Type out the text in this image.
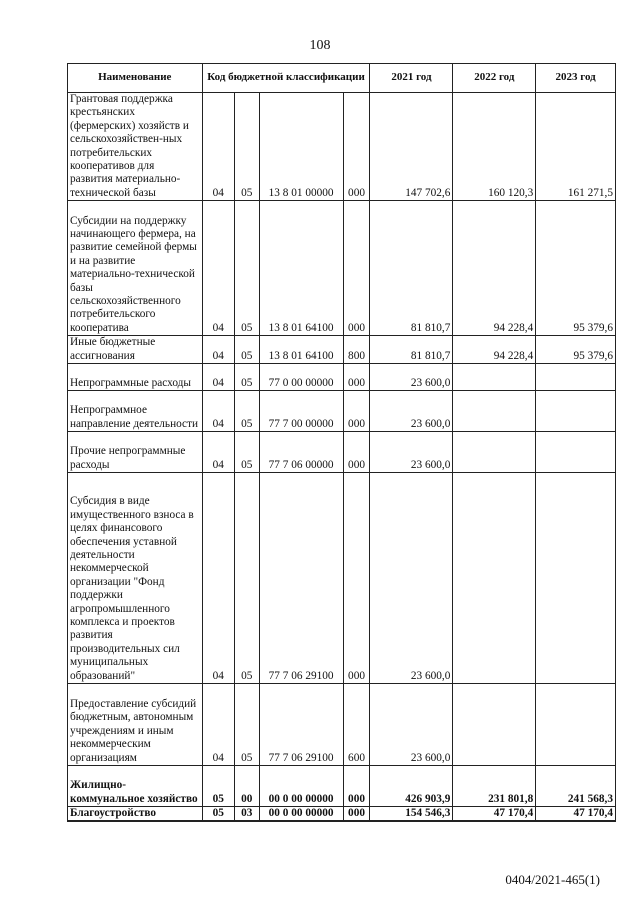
108
Наименование	Код бюджетной классификации				2021 год	2022 год	2023 год
Грантовая поддержка крестьянских (фермерских) хозяйств и сельскохозяйствен-ных потребительских кооперативов для развития материально-технической базы	04	05	13 8 01 00000	000	147 702,6	160 120,3	161 271,5
Субсидии на поддержку начинающего фермера, на развитие семейной фермы и на развитие материально-технической базы сельскохозяйственного потребительского кооператива	04	05	13 8 01 64100	000	81 810,7	94 228,4	95 379,6
Иные бюджетные ассигнования	04	05	13 8 01 64100	800	81 810,7	94 228,4	95 379,6
Непрограммные расходы	04	05	77 0 00 00000	000	23 600,0		
Непрограммное направление деятельности	04	05	77 7 00 00000	000	23 600,0		
Прочие непрограммные расходы	04	05	77 7 06 00000	000	23 600,0		
Субсидия в виде имущественного взноса в целях финансового обеспечения уставной деятельности некоммерческой организации "Фонд поддержки агропромышленного комплекса и проектов развития производительных сил муниципальных образований"	04	05	77 7 06 29100	000	23 600,0		
Предоставление субсидий бюджетным, автономным учреждениям и иным некоммерческим организациям	04	05	77 7 06 29100	600	23 600,0		
Жилищно-коммунальное хозяйство	05	00	00 0 00 00000	000	426 903,9	231 801,8	241 568,3
Благоустройство	05	03	00 0 00 00000	000	154 546,3	47 170,4	47 170,4
0404/2021-465(1)
